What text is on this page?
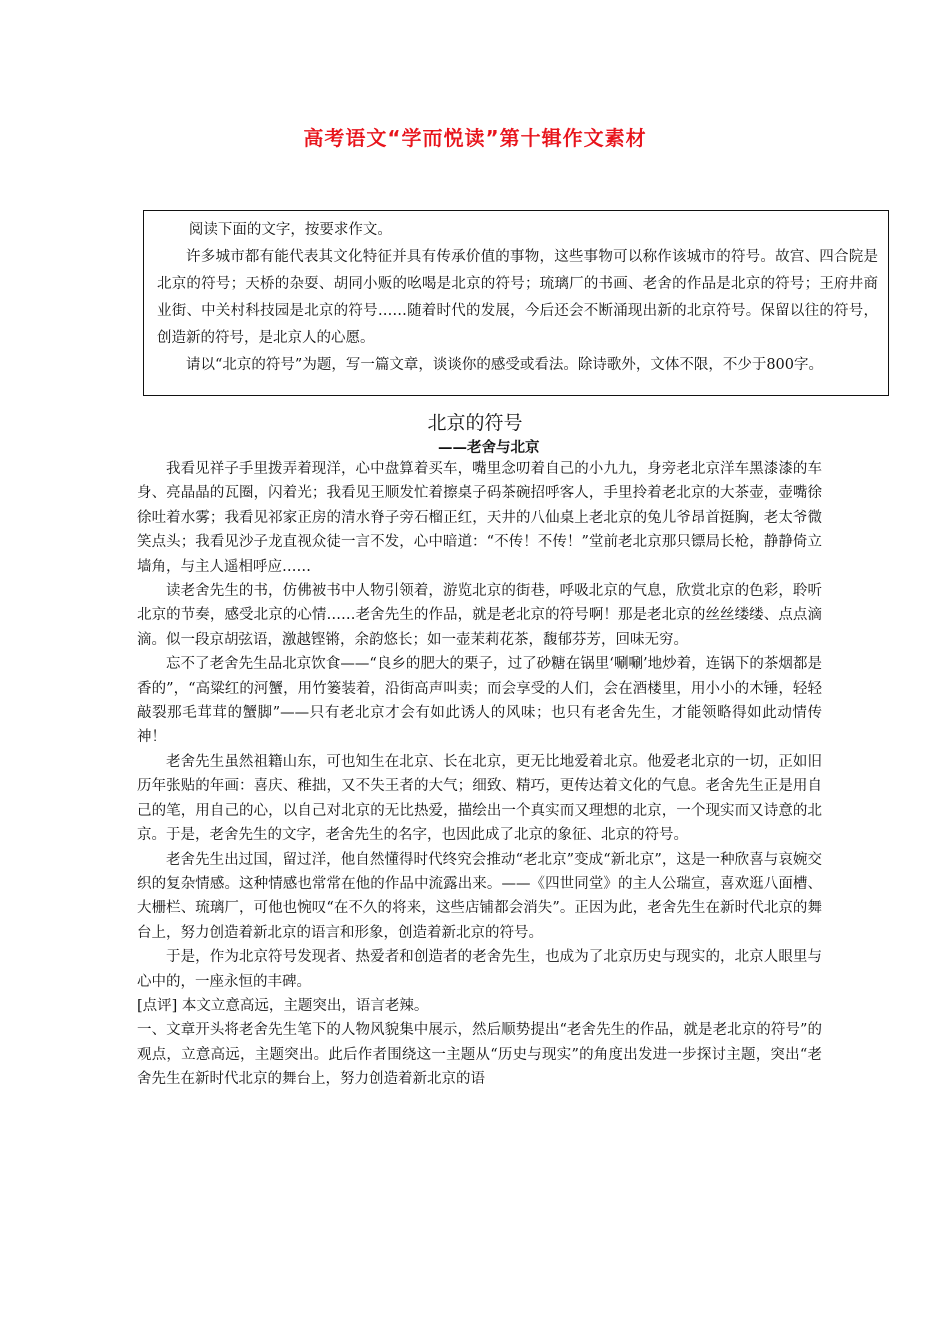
高考语文“学而悦读”第十辑作文素材

阅读下面的文字，按要求作文。

许多城市都有能代表其文化特征并具有传承价值的事物，这些事物可以称作该城市的符号。故宫、四合院是北京的符号；天桥的杂耍、胡同小贩的吆喝是北京的符号；琉璃厂的书画、老舍的作品是北京的符号；王府井商业街、中关村科技园是北京的符号……随着时代的发展，今后还会不断涌现出新的北京符号。保留以往的符号，创造新的符号，是北京人的心愿。

请以“北京的符号”为题，写一篇文章，谈谈你的感受或看法。除诗歌外，文体不限，不少于800字。

北京的符号
——老舍与北京

我看见祥子手里拨弄着现洋，心中盘算着买车，嘴里念叨着自己的小九九，身旁老北京洋车黑漆漆的车身、亮晶晶的瓦圈，闪着光；我看见王顺发忙着擦桌子码茶碗招呼客人，手里拎着老北京的大茶壶，壶嘴徐徐吐着水雾；我看见祁家正房的清水脊子旁石榴正红，天井的八仙桌上老北京的兔儿爷昂首挺胸，老太爷微笑点头；我看见沙子龙直视众徒一言不发，心中暗道：“不传！不传！”堂前老北京那只镖局长枪，静静倚立墙角，与主人遥相呼应……

读老舍先生的书，仿佛被书中人物引领着，游览北京的街巷，呼吸北京的气息，欣赏北京的色彩，聆听北京的节奏，感受北京的心情……老舍先生的作品，就是老北京的符号啊！那是老北京的丝丝缕缕、点点滴滴。似一段京胡弦语，激越铿锵，余韵悠长；如一壶茉莉花茶，馥郁芬芳，回味无穷。

忘不了老舍先生品北京饮食——“良乡的肥大的栗子，过了砂糖在锅里‘唰唰’地炒着，连锅下的茶烟都是香的”，“高粱红的河蟹，用竹篓装着，沿街高声叫卖；而会享受的人们，会在酒楼里，用小小的木锤，轻轻敲裂那毛茸茸的蟹脚”——只有老北京才会有如此诱人的风味；也只有老舍先生，才能领略得如此动情传神！

老舍先生虽然祖籍山东，可也知生在北京、长在北京，更无比地爱着北京。他爱老北京的一切，正如旧历年张贴的年画：喜庆、稚拙，又不失王者的大气；细致、精巧，更传达着文化的气息。老舍先生正是用自己的笔，用自己的心，以自己对北京的无比热爱，描绘出一个真实而又理想的北京，一个现实而又诗意的北京。于是，老舍先生的文字，老舍先生的名字，也因此成了北京的象征、北京的符号。

老舍先生出过国，留过洋，他自然懂得时代终究会推动“老北京”变成“新北京”，这是一种欣喜与哀婉交织的复杂情感。这种情感也常常在他的作品中流露出来。——《四世同堂》的主人公瑞宣，喜欢逛八面槽、大栅栏、琉璃厂，可他也惋叹“在不久的将来，这些店铺都会消失”。正因为此，老舍先生在新时代北京的舞台上，努力创造着新北京的语言和形象，创造着新北京的符号。

于是，作为北京符号发现者、热爱者和创造者的老舍先生，也成为了北京历史与现实的，北京人眼里与心中的，一座永恒的丰碑。

[点评] 本文立意高远，主题突出，语言老辣。

一、文章开头将老舍先生笔下的人物风貌集中展示，然后顺势提出“老舍先生的作品，就是老北京的符号”的观点，立意高远，主题突出。此后作者围绕这一主题从“历史与现实”的角度出发进一步探讨主题，突出“老舍先生在新时代北京的舞台上，努力创造着新北京的语
